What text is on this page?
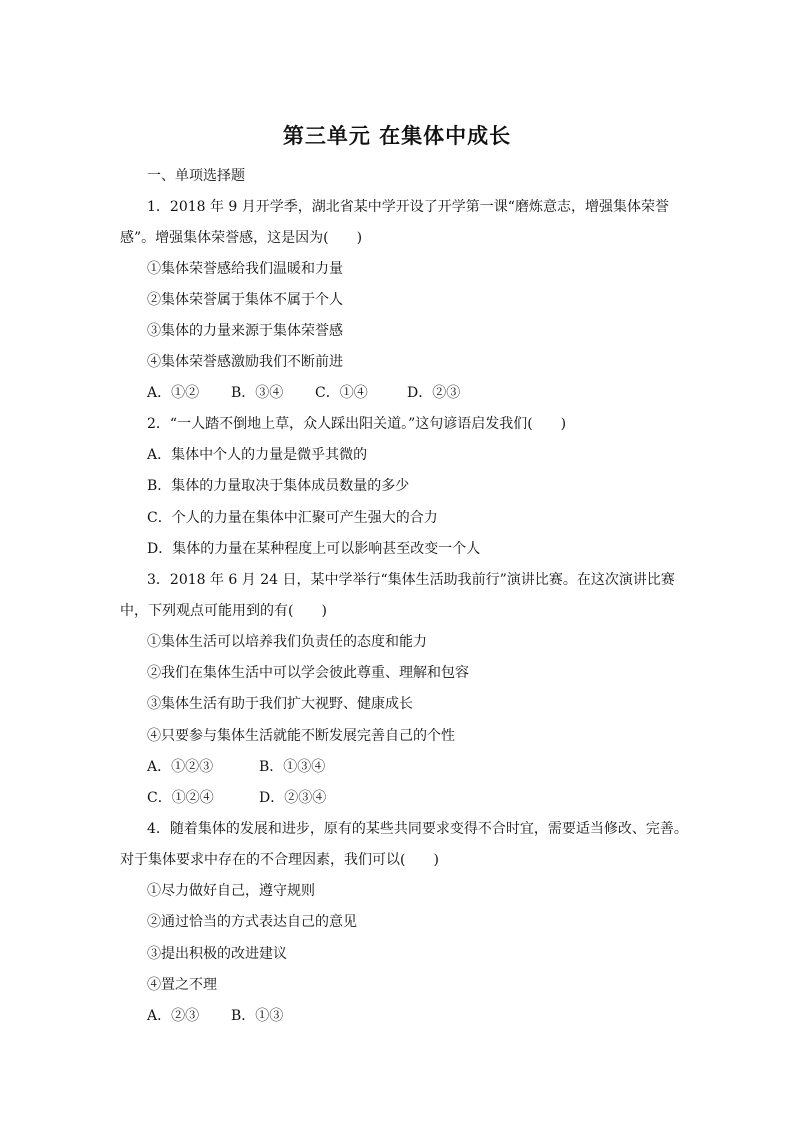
第三单元 在集体中成长
一、单项选择题
1．2018 年 9 月开学季，湖北省某中学开设了开学第一课“磨炼意志，增强集体荣誉
感”。增强集体荣誉感，这是因为(　　)
①集体荣誉感给我们温暖和力量
②集体荣誉属于集体不属于个人
③集体的力量来源于集体荣誉感
④集体荣誉感激励我们不断前进
A．①② B．③④ C．①④	D．②③
2．“一人踏不倒地上草，众人踩出阳关道。”这句谚语启发我们(　　)
A．集体中个人的力量是微乎其微的
B．集体的力量取决于集体成员数量的多少
C．个人的力量在集体中汇聚可产生强大的合力
D．集体的力量在某种程度上可以影响甚至改变一个人
3．2018 年 6 月 24 日，某中学举行“集体生活助我前行”演讲比赛。在这次演讲比赛
中，下列观点可能用到的有(　　)
①集体生活可以培养我们负责任的态度和能力
②我们在集体生活中可以学会彼此尊重、理解和包容
③集体生活有助于我们扩大视野、健康成长
④只要参与集体生活就能不断发展完善自己的个性
A．①②③	B．①③④
C．①②④	D．②③④
4．随着集体的发展和进步，原有的某些共同要求变得不合时宜，需要适当修改、完善。
对于集体要求中存在的不合理因素，我们可以(　　)
①尽力做好自己，遵守规则
②通过恰当的方式表达自己的意见
③提出积极的改进建议
④置之不理
A．②③ B．①③
